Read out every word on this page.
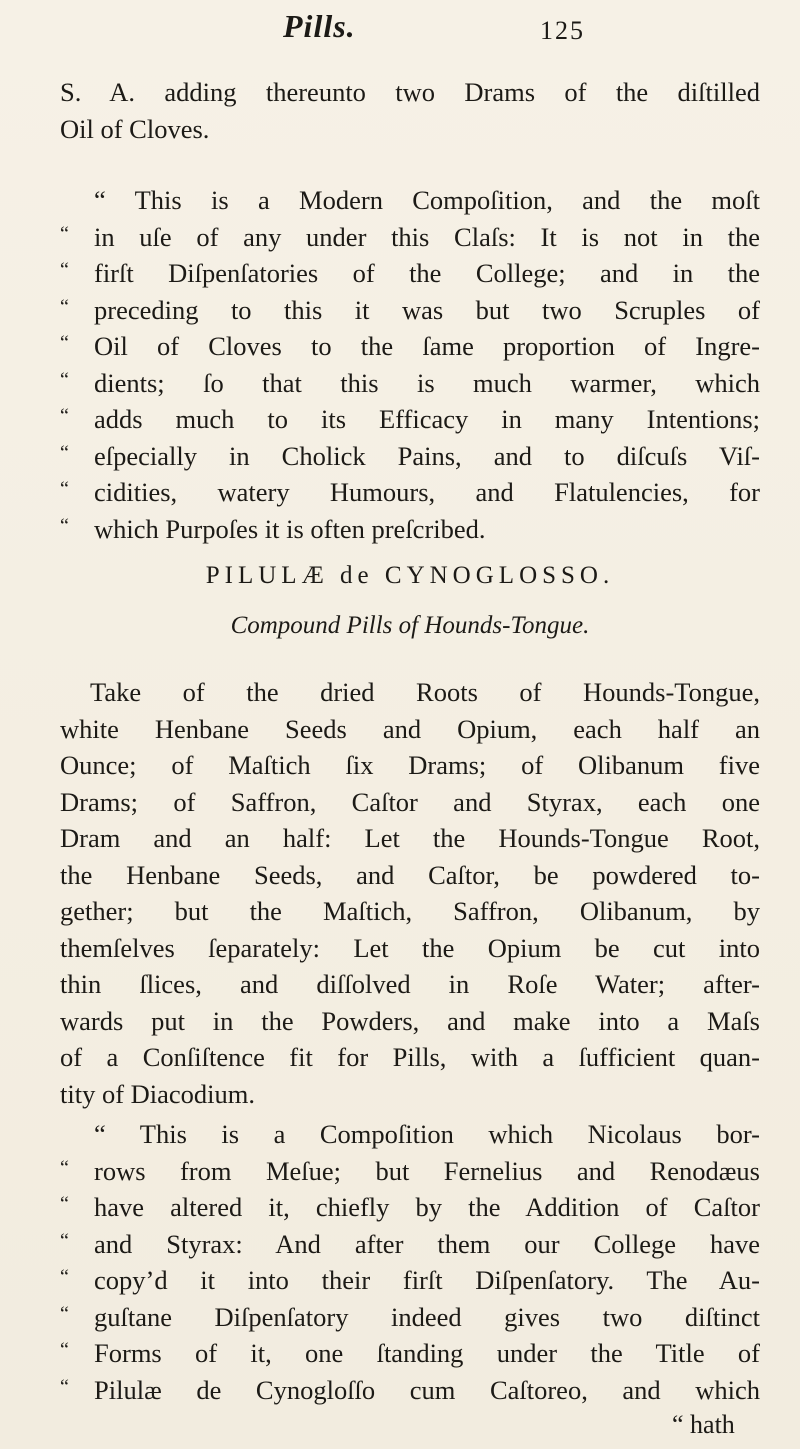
Pills.	125
S. A. adding thereunto two Drams of the diſtilled
Oil of Cloves.
“ This is a Modern Compoſition, and the moſt
“ in uſe of any under this Claſs: It is not in the
“ firſt Diſpenſatories of the College; and in the
“ preceding to this it was but two Scruples of
“ Oil of Cloves to the ſame proportion of Ingre-
“ dients; ſo that this is much warmer, which
“ adds much to its Efficacy in many Intentions;
“ eſpecially in Cholick Pains, and to diſcuſs Viſ-
“ cidities, watery Humours, and Flatulencies, for
“ which Purpoſes it is often preſcribed.
PILULÆ de CYNOGLOSSO.
Compound Pills of Hounds-Tongue.
Take of the dried Roots of Hounds-Tongue,
white Henbane Seeds and Opium, each half an
Ounce; of Maſtich ſix Drams; of Olibanum five
Drams; of Saffron, Caſtor and Styrax, each one
Dram and an half: Let the Hounds-Tongue Root,
the Henbane Seeds, and Caſtor, be powdered to-
gether; but the Maſtich, Saffron, Olibanum, by
themſelves ſeparately: Let the Opium be cut into
thin ſlices, and diſſolved in Roſe Water; after-
wards put in the Powders, and make into a Maſs
of a Conſiſtence fit for Pills, with a ſufficient quan-
tity of Diacodium.
“ This is a Compoſition which Nicolaus bor-
“ rows from Meſue; but Fernelius and Renodæus
“ have altered it, chiefly by the Addition of Caſtor
“ and Styrax: And after them our College have
“ copy’d it into their firſt Diſpenſatory. The Au-
“ guſtane Diſpenſatory indeed gives two diſtinct
“ Forms of it, one ſtanding under the Title of
“ Pilulæ de Cynogloſſo cum Caſtoreo, and which
“ hath
